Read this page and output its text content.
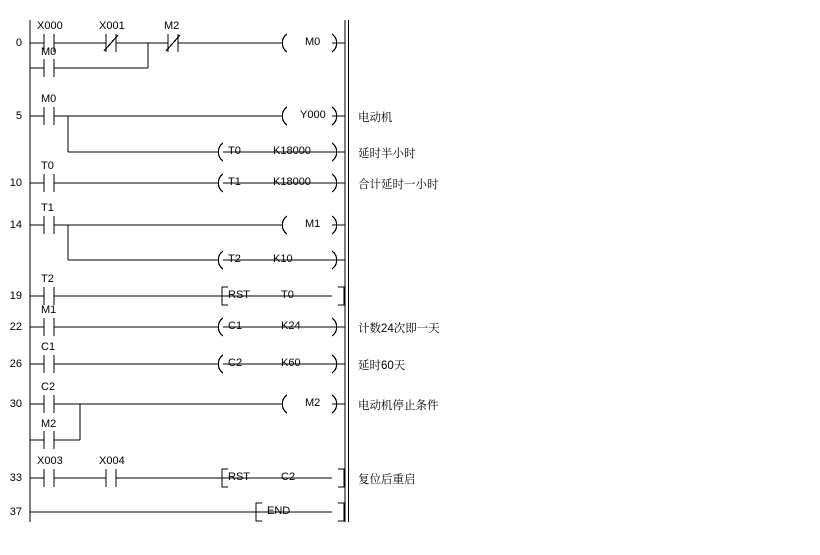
0
5
10
14
19
22
26
30
33
37
X000	X001	M2
M0
M0
M0
Y000
T0	K18000
T0
T1	K18000
T1
M1
T2	K10
T2
RST	T0
M1
C1	K24
C1
C2	K60
C2
M2
M2
X003	X004
RST	C2
END
电动机
延时半小时
合计延时一小时
计数24次即一天
延时60天
电动机停止条件
复位后重启
